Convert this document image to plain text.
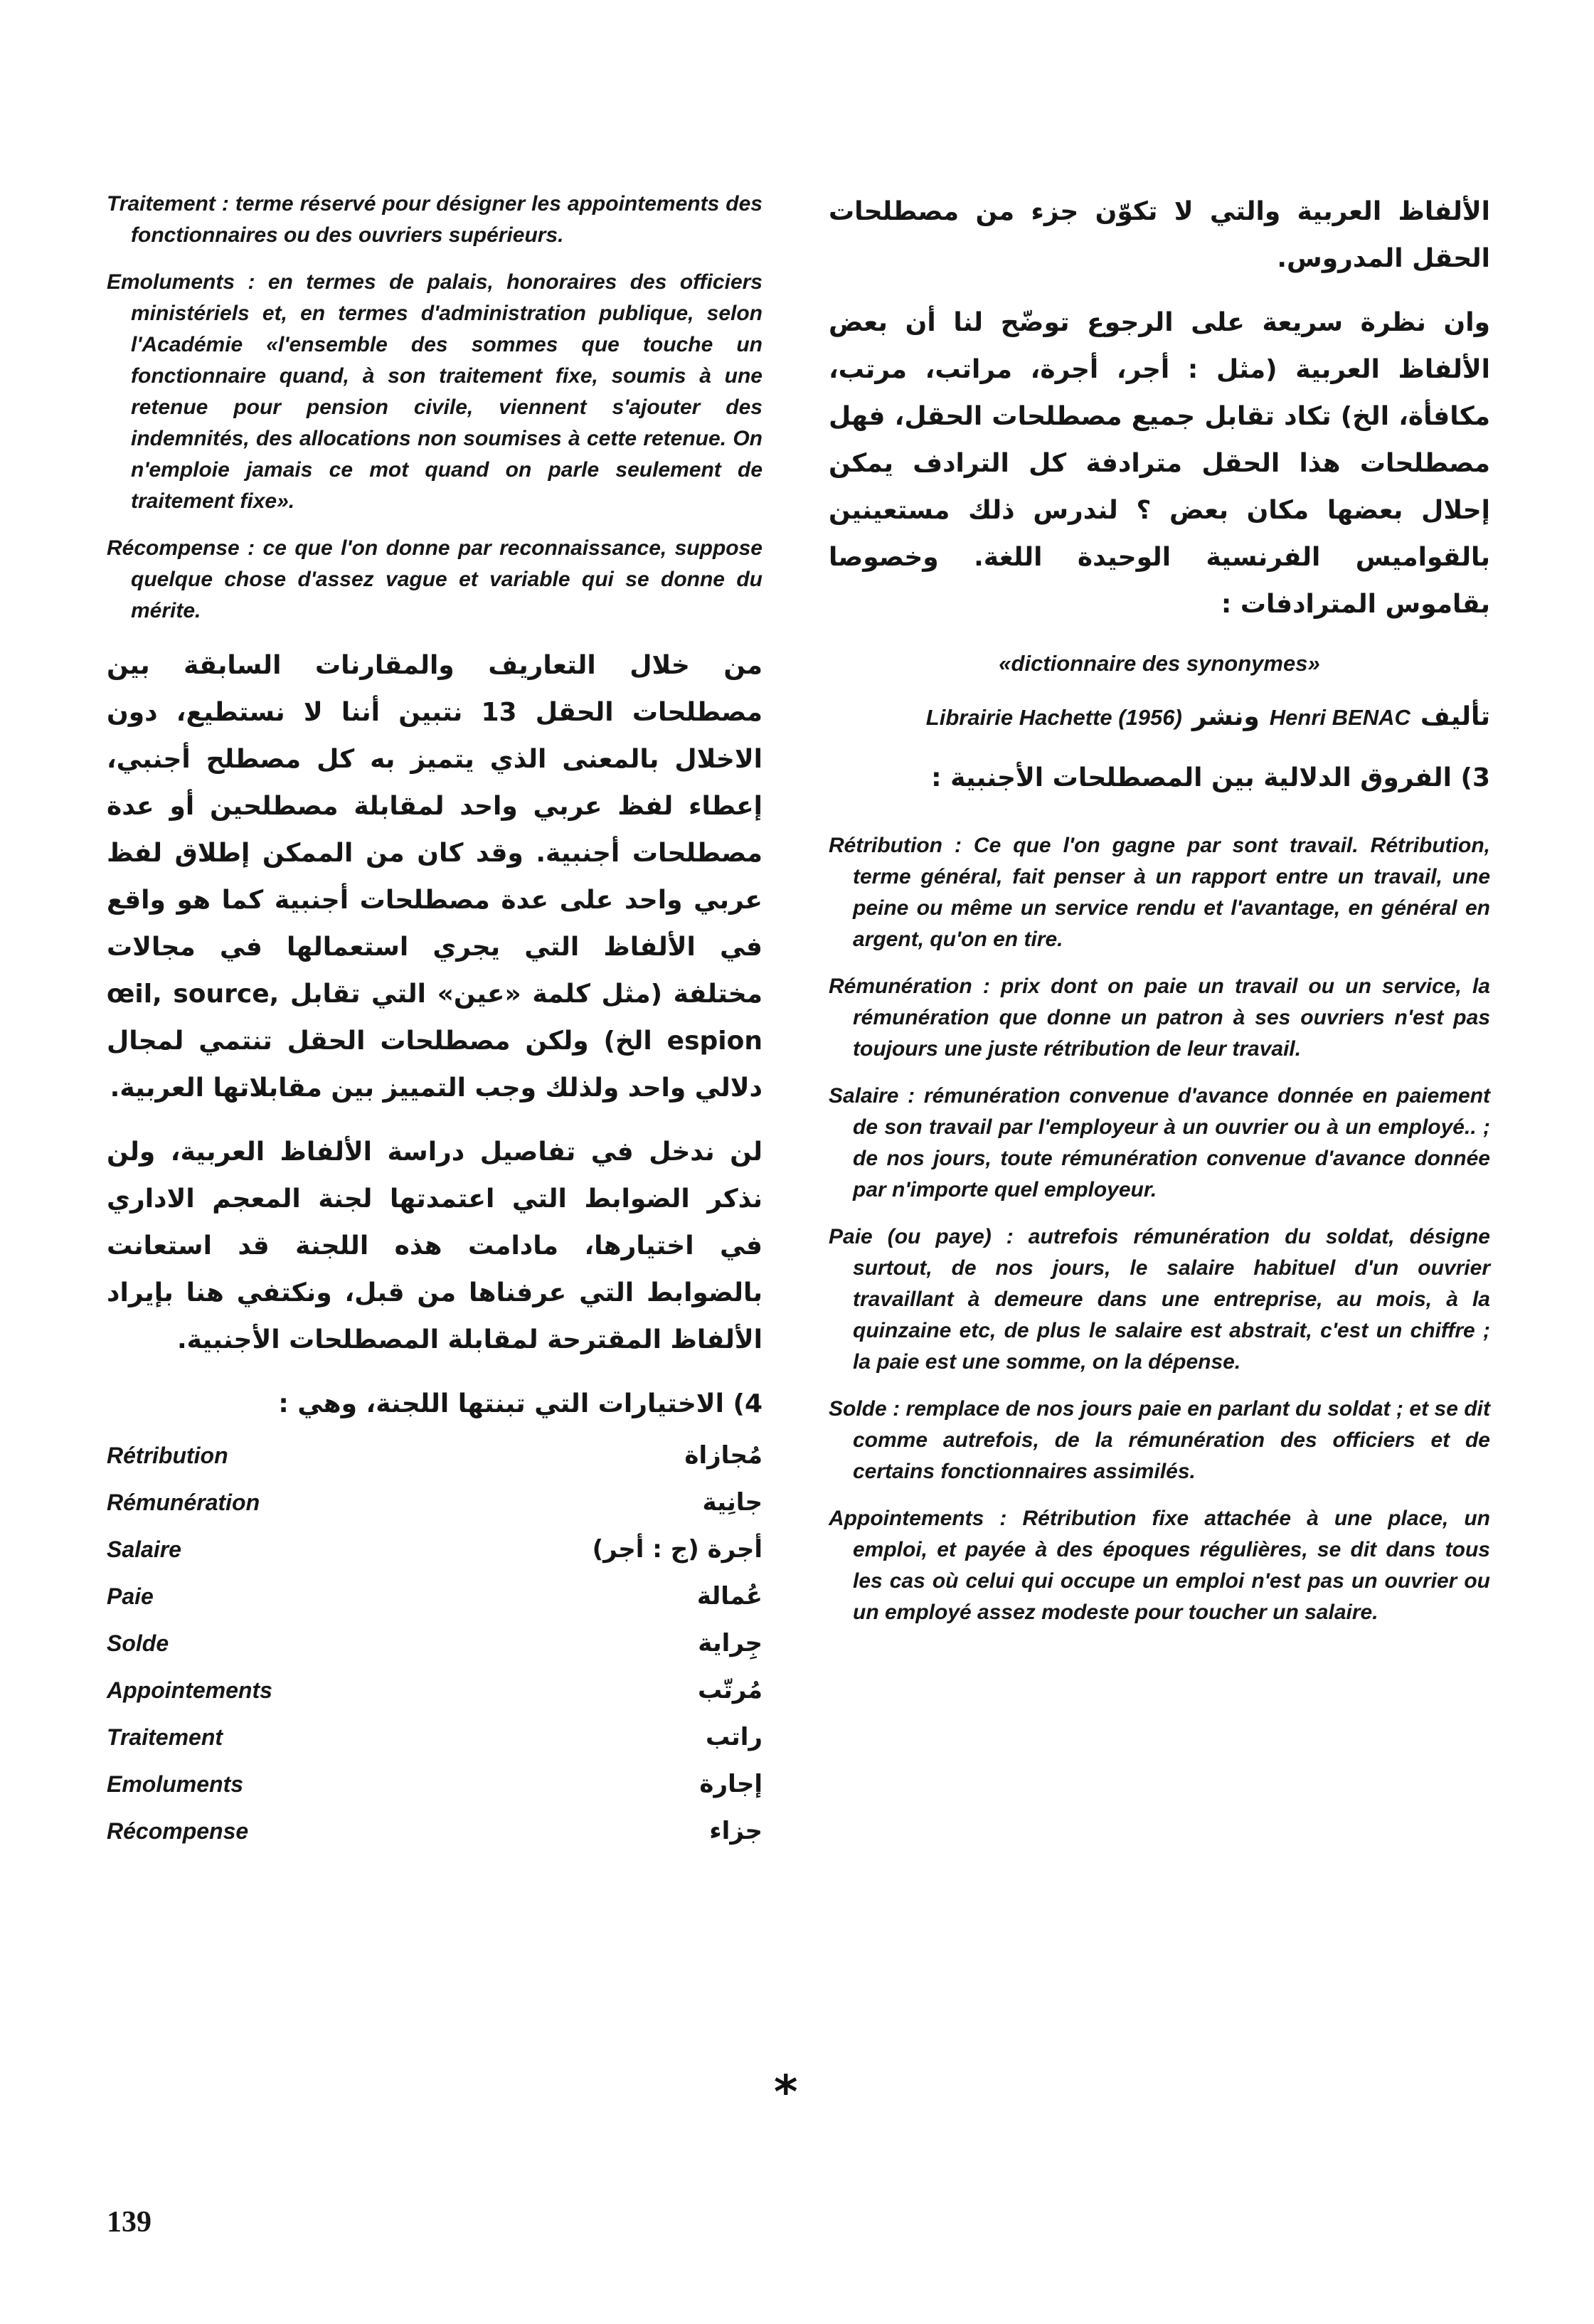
Traitement : terme réservé pour désigner les appointements des fonctionnaires ou des ouvriers supérieurs.

Emoluments : en termes de palais, honoraires des officiers ministériels et, en termes d'administration publique, selon l'Académie «l'ensemble des sommes que touche un fonctionnaire quand, à son traitement fixe, soumis à une retenue pour pension civile, viennent s'ajouter des indemnités, des allocations non soumises à cette retenue. On n'emploie jamais ce mot quand on parle seulement de traitement fixe».

Récompense : ce que l'on donne par reconnaissance, suppose quelque chose d'assez vague et variable qui se donne du mérite.

من خلال التعاريف والمقارنات السابقة بين مصطلحات الحقل 13 نتبين أننا لا نستطيع، دون الاخلال بالمعنى الذي يتميز به كل مصطلح أجنبي، إعطاء لفظ عربي واحد لمقابلة مصطلحين أو عدة مصطلحات أجنبية. وقد كان من الممكن إطلاق لفظ عربي واحد على عدة مصطلحات أجنبية كما هو واقع في الألفاظ التي يجري استعمالها في مجالات مختلفة (مثل كلمة «عين» التي تقابل œil, source, espion الخ) ولكن مصطلحات الحقل تنتمي لمجال دلالي واحد ولذلك وجب التمييز بين مقابلاتها العربية.

لن ندخل في تفاصيل دراسة الألفاظ العربية، ولن نذكر الضوابط التي اعتمدتها لجنة المعجم الاداري في اختيارها، مادامت هذه اللجنة قد استعانت بالضوابط التي عرفناها من قبل، ونكتفي هنا بإيراد الألفاظ المقترحة لمقابلة المصطلحات الأجنبية.

4) الاختيارات التي تبنتها اللجنة، وهي :

Rétribution	مُجازاة
Rémunération	جانِية
Salaire	أجرة (ج : أجر)
Paie	عُمالة
Solde	جِراية
Appointements	مُرتّب
Traitement	راتب
Emoluments	إجارة
Récompense	جزاء

الألفاظ العربية والتي لا تكوّن جزء من مصطلحات الحقل المدروس.

وان نظرة سريعة على الرجوع توضّح لنا أن بعض الألفاظ العربية (مثل : أجر، أجرة، مراتب، مرتب، مكافأة، الخ) تكاد تقابل جميع مصطلحات الحقل، فهل مصطلحات هذا الحقل مترادفة كل الترادف يمكن إحلال بعضها مكان بعض ؟ لندرس ذلك مستعينين بالقواميس الفرنسية الوحيدة اللغة. وخصوصا بقاموس المترادفات :

«dictionnaire des synonymes»

Librairie Hachette (1956) ونشر Henri BENAC تأليف

3) الفروق الدلالية بين المصطلحات الأجنبية :

Rétribution : Ce que l'on gagne par sont travail. Rétribution, terme général, fait penser à un rapport entre un travail, une peine ou même un service rendu et l'avantage, en général en argent, qu'on en tire.

Rémunération : prix dont on paie un travail ou un service, la rémunération que donne un patron à ses ouvriers n'est pas toujours une juste rétribution de leur travail.

Salaire : rémunération convenue d'avance donnée en paiement de son travail par l'employeur à un ouvrier ou à un employé.. ; de nos jours, toute rémunération convenue d'avance donnée par n'importe quel employeur.

Paie (ou paye) : autrefois rémunération du soldat, désigne surtout, de nos jours, le salaire habituel d'un ouvrier travaillant à demeure dans une entreprise, au mois, à la quinzaine etc, de plus le salaire est abstrait, c'est un chiffre ; la paie est une somme, on la dépense.

Solde : remplace de nos jours paie en parlant du soldat ; et se dit comme autrefois, de la rémunération des officiers et de certains fonctionnaires assimilés.

Appointements : Rétribution fixe attachée à une place, un emploi, et payée à des époques régulières, se dit dans tous les cas où celui qui occupe un emploi n'est pas un ouvrier ou un employé assez modeste pour toucher un salaire.

*
139
